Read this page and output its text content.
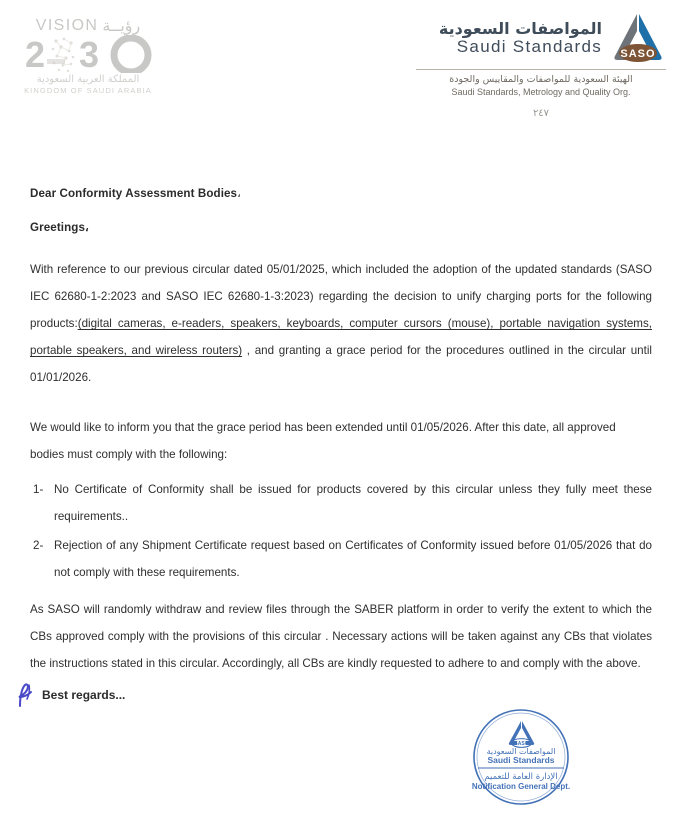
VISION رؤيــة
2 3
المملكة العربية السعودية
KINGDOM OF SAUDI ARABIA
المواصفات السعودية
Saudi Standards SASO
الهيئة السعودية للمواصفات والمقاييس والجودة
Saudi Standards, Metrology and Quality Org.
٢٤٧
Dear Conformity Assessment Bodies،
Greetings،

With reference to our previous circular dated 05/01/2025, which included the adoption of the updated standards (SASO IEC 62680-1-2:2023 and SASO IEC 62680-1-3:2023) regarding the decision to unify charging ports for the following products:(digital cameras, e-readers, speakers, keyboards, computer cursors (mouse), portable navigation systems, portable speakers, and wireless routers) , and granting a grace period for the procedures outlined in the circular until 01/01/2026.

We would like to inform you that the grace period has been extended until 01/05/2026. After this date, all approved bodies must comply with the following:

1- No Certificate of Conformity shall be issued for products covered by this circular unless they fully meet these requirements..
2- Rejection of any Shipment Certificate request based on Certificates of Conformity issued before 01/05/2026 that do not comply with these requirements.

As SASO will randomly withdraw and review files through the SABER platform in order to verify the extent to which the CBs approved comply with the provisions of this circular . Necessary actions will be taken against any CBs that violates the instructions stated in this circular. Accordingly, all CBs are kindly requested to adhere to and comply with the above.

Best regards...
SASO
المواصفات السعودية
Saudi Standards
الإدارة العامة للتعميم
Notification General Dept.
